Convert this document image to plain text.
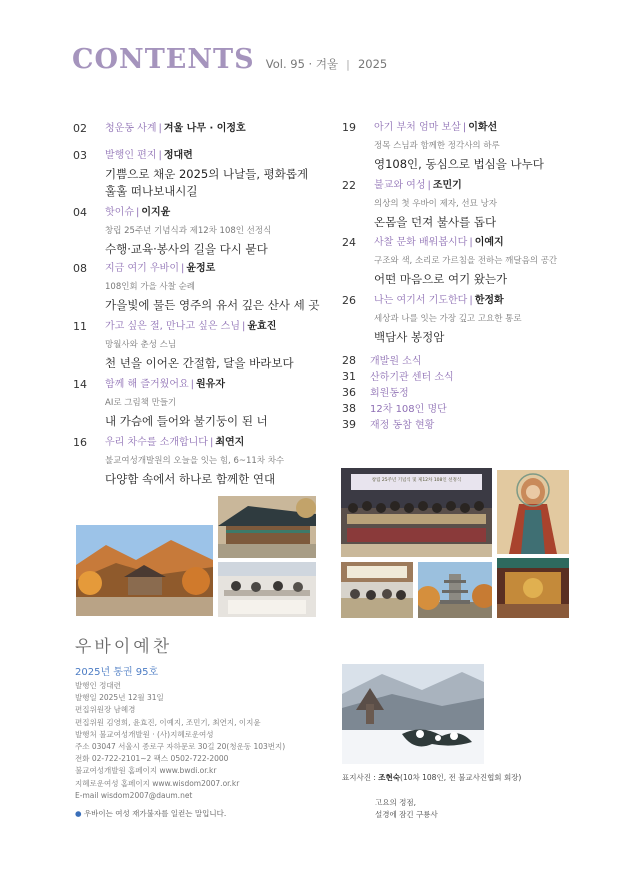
CONTENTS Vol. 95 · 겨울 | 2025
02 청운동 사계 | 겨울 나무 · 이정호
03 발행인 편지 | 정대련
기쁨으로 채운 2025의 나날들, 평화롭게 훌훌 떠나보내시길
04 핫이슈 | 이지윤
창립 25주년 기념식과 제12차 108인 선정식
수행·교육·봉사의 길을 다시 묻다
08 지금 여기 우바이 | 윤정로
108인회 가을 사찰 순례
가을빛에 물든 영주의 유서 깊은 산사 세 곳
11 가고 싶은 절, 만나고 싶은 스님 | 윤효진
망월사와 춘성 스님
천 년을 이어온 간절함, 달을 바라보다
14 함께 해 즐거웠어요 | 원유자
AI로 그림책 만들기
내 가슴에 들어와 불기둥이 된 너
16 우리 차수를 소개합니다 | 최연지
불교여성개발원의 오늘을 잇는 힘, 6~11차 차수
다양함 속에서 하나로 함께한 연대
19 아기 부처 엄마 보살 | 이화선
정목 스님과 함께한 정각사의 하루
영108인, 동심으로 법심을 나누다
22 불교와 여성 | 조민기
의상의 첫 우바이 제자, 선묘 낭자
온몸을 던져 불사를 돕다
24 사찰 문화 배워봅시다 | 이예지
구조와 색, 소리로 가르침을 전하는 깨달음의 공간
어떤 마음으로 여기 왔는가
26 나는 여기서 기도한다 | 한정화
세상과 나를 잇는 가장 깊고 고요한 통로
백담사 봉정암
28 개발원 소식
31 산하기관 센터 소식
36 회원동정
38 12차 108인 명단
39 재정 동참 현황
창립 25주년 기념식 및 제12차 108인 선정식
우바이예찬
2025년 통권 95호
발행인 정대련
발행일 2025년 12월 31일
편집위원장 남혜경
편집위원 김영희, 윤효진, 이예지, 조민기, 최연지, 이지윤
발행처 불교여성개발원 · (사)지혜로운여성
주소 03047 서울시 종로구 자하문로 30길 20(청운동 103번지)
전화 02-722-2101~2 팩스 0502-722-2000
불교여성개발원 홈페이지 www.bwdi.or.kr
지혜로운여성 홈페이지 www.wisdom2007.or.kr
E-mail wisdom2007@daum.net
● 우바이는 여성 재가불자를 일컫는 말입니다.
표지사진 : 조현숙(10차 108인, 전 불교사진협회 회장)
고요의 정점,
설경에 잠긴 구룡사
